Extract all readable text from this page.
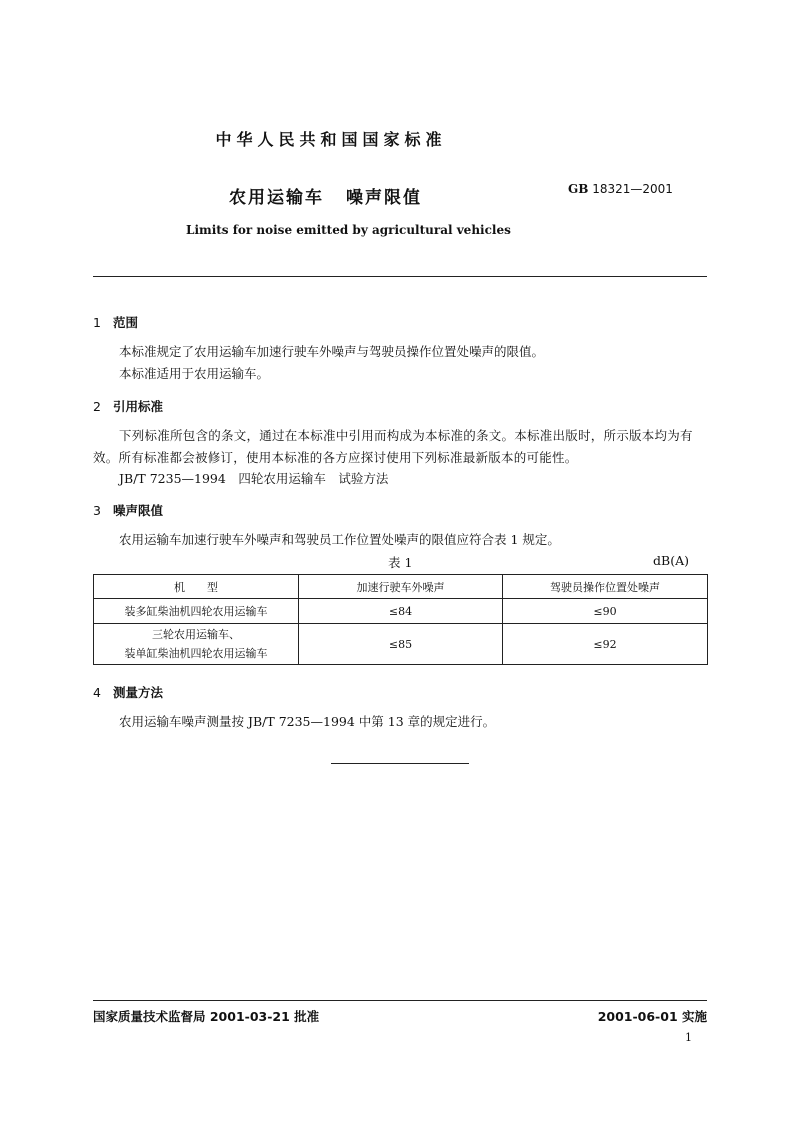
中华人民共和国国家标准
农用运输车 噪声限值	GB 18321—2001
Limits for noise emitted by agricultural vehicles
1 范围
本标准规定了农用运输车加速行驶车外噪声与驾驶员操作位置处噪声的限值。
本标准适用于农用运输车。
2 引用标准
下列标准所包含的条文，通过在本标准中引用而构成为本标准的条文。本标准出版时，所示版本均为有效。所有标准都会被修订，使用本标准的各方应探讨使用下列标准最新版本的可能性。
JB/T 7235—1994　四轮农用运输车　试验方法
3 噪声限值
农用运输车加速行驶车外噪声和驾驶员工作位置处噪声的限值应符合表 1 规定。
表 1	dB(A)
机　　型	加速行驶车外噪声	驾驶员操作位置处噪声
装多缸柴油机四轮农用运输车	≤84	≤90
三轮农用运输车、
装单缸柴油机四轮农用运输车	≤85	≤92
4 测量方法
农用运输车噪声测量按 JB/T 7235—1994 中第 13 章的规定进行。
国家质量技术监督局 2001-03-21 批准	2001-06-01 实施
1
